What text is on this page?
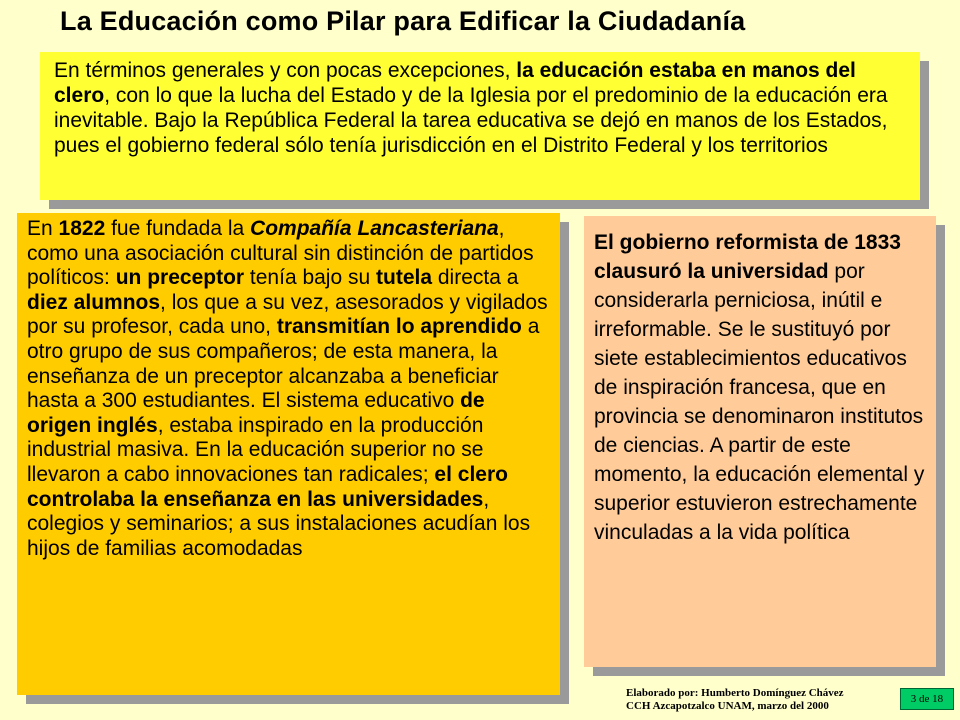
La Educación como Pilar para Edificar la Ciudadanía

En términos generales y con pocas excepciones, la educación estaba en manos del clero, con lo que la lucha del Estado y de la Iglesia por el predominio de la educación era inevitable. Bajo la República Federal la tarea educativa se dejó en manos de los Estados, pues el gobierno federal sólo tenía jurisdicción en el Distrito Federal y los territorios

En 1822 fue fundada la Compañía Lancasteriana, como una asociación cultural sin distinción de partidos políticos: un preceptor tenía bajo su tutela directa a diez alumnos, los que a su vez, asesorados y vigilados por su profesor, cada uno, transmitían lo aprendido a otro grupo de sus compañeros; de esta manera, la enseñanza de un preceptor alcanzaba a beneficiar hasta a 300 estudiantes. El sistema educativo de origen inglés, estaba inspirado en la producción industrial masiva. En la educación superior no se llevaron a cabo innovaciones tan radicales; el clero controlaba la enseñanza en las universidades, colegios y seminarios; a sus instalaciones acudían los hijos de familias acomodadas

El gobierno reformista de 1833 clausuró la universidad por considerarla perniciosa, inútil e irreformable. Se le sustituyó por siete establecimientos educativos de inspiración francesa, que en provincia se denominaron institutos de ciencias. A partir de este momento, la educación elemental y superior estuvieron estrechamente vinculadas a la vida política

Elaborado por: Humberto Domínguez Chávez
CCH Azcapotzalco UNAM, marzo del 2000
3 de 18
